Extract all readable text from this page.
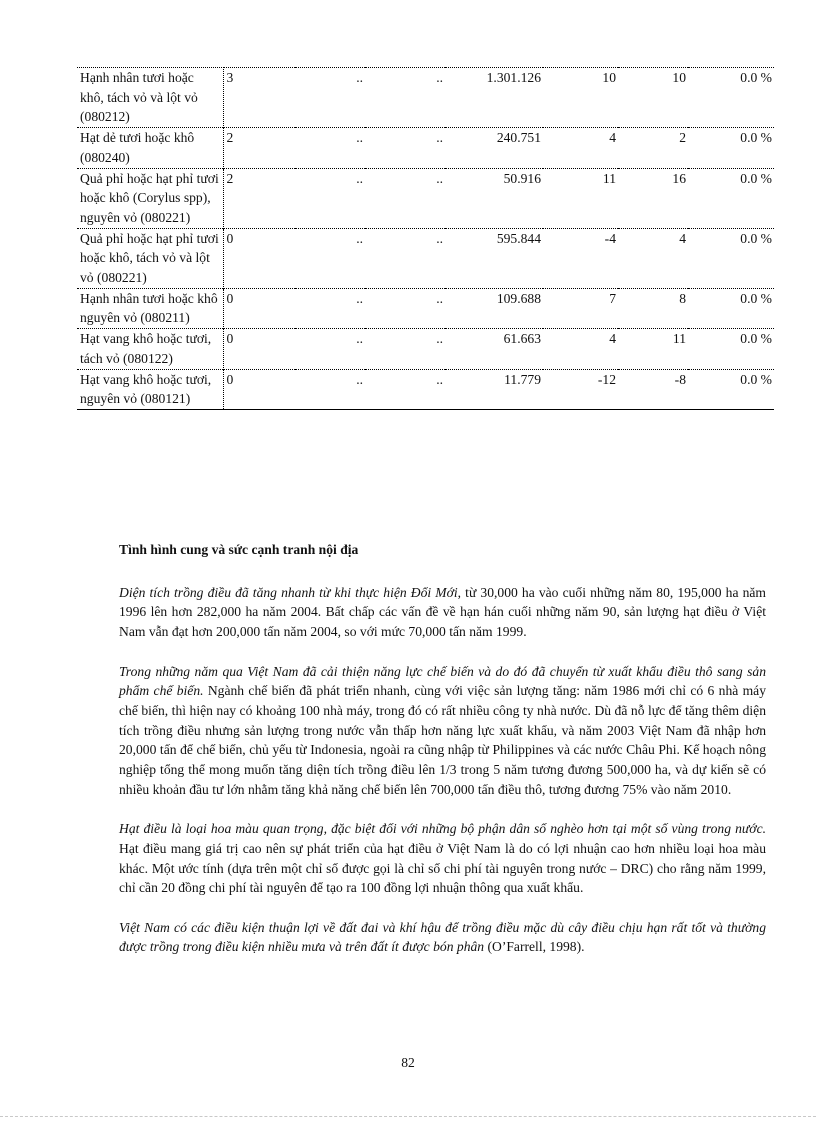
Hạnh nhân tươi hoặc khô, tách vỏ và lột vỏ (080212)	3	..	..	1.301.126	10	10	0.0 %
Hạt dẻ tươi hoặc khô (080240)	2	..	..	240.751	4	2	0.0 %
Quả phỉ hoặc hạt phỉ tươi hoặc khô (Corylus spp), nguyên vỏ (080221)	2	..	..	50.916	11	16	0.0 %
Quả phỉ hoặc hạt phỉ tươi hoặc khô, tách vỏ và lột vỏ (080221)	0	..	..	595.844	-4	4	0.0 %
Hạnh nhân tươi hoặc khô nguyên vỏ (080211)	0	..	..	109.688	7	8	0.0 %
Hạt vang khô hoặc tươi, tách vỏ (080122)	0	..	..	61.663	4	11	0.0 %
Hạt vang khô hoặc tươi, nguyên vỏ (080121)	0	..	..	11.779	-12	-8	0.0 %
Tình hình cung và sức cạnh tranh nội địa

Diện tích trồng điều đã tăng nhanh từ khi thực hiện Đổi Mới, từ 30,000 ha vào cuối những năm 80, 195,000 ha năm 1996 lên hơn 282,000 ha năm 2004. Bất chấp các vấn đề về hạn hán cuối những năm 90, sản lượng hạt điều ở Việt Nam vẫn đạt hơn 200,000 tấn năm 2004, so với mức 70,000 tấn năm 1999.

Trong những năm qua Việt Nam đã cải thiện năng lực chế biến và do đó đã chuyển từ xuất khẩu điều thô sang sản phẩm chế biến. Ngành chế biến đã phát triển nhanh, cùng với việc sản lượng tăng: năm 1986 mới chỉ có 6 nhà máy chế biến, thì hiện nay có khoảng 100 nhà máy, trong đó có rất nhiều công ty nhà nước. Dù đã nỗ lực để tăng thêm diện tích trồng điều nhưng sản lượng trong nước vẫn thấp hơn năng lực xuất khẩu, và năm 2003 Việt Nam đã nhập hơn 20,000 tấn để chế biến, chủ yếu từ Indonesia, ngoài ra cũng nhập từ Philippines và các nước Châu Phi. Kế hoạch nông nghiệp tổng thể mong muốn tăng diện tích trồng điều lên 1/3 trong 5 năm tương đương 500,000 ha, và dự kiến sẽ có nhiều khoản đầu tư lớn nhằm tăng khả năng chế biến lên 700,000 tấn điều thô, tương đương 75% vào năm 2010.

Hạt điều là loại hoa màu quan trọng, đặc biệt đối với những bộ phận dân số nghèo hơn tại một số vùng trong nước. Hạt điều mang giá trị cao nên sự phát triển của hạt điều ở Việt Nam là do có lợi nhuận cao hơn nhiều loại hoa màu khác. Một ước tính (dựa trên một chỉ số được gọi là chỉ số chi phí tài nguyên trong nước – DRC) cho rằng năm 1999, chỉ cần 20 đồng chi phí tài nguyên để tạo ra 100 đồng lợi nhuận thông qua xuất khẩu.

Việt Nam có các điều kiện thuận lợi về đất đai và khí hậu để trồng điều mặc dù cây điều chịu hạn rất tốt và thường được trồng trong điều kiện nhiều mưa và trên đất ít được bón phân (O’Farrell, 1998).

82
